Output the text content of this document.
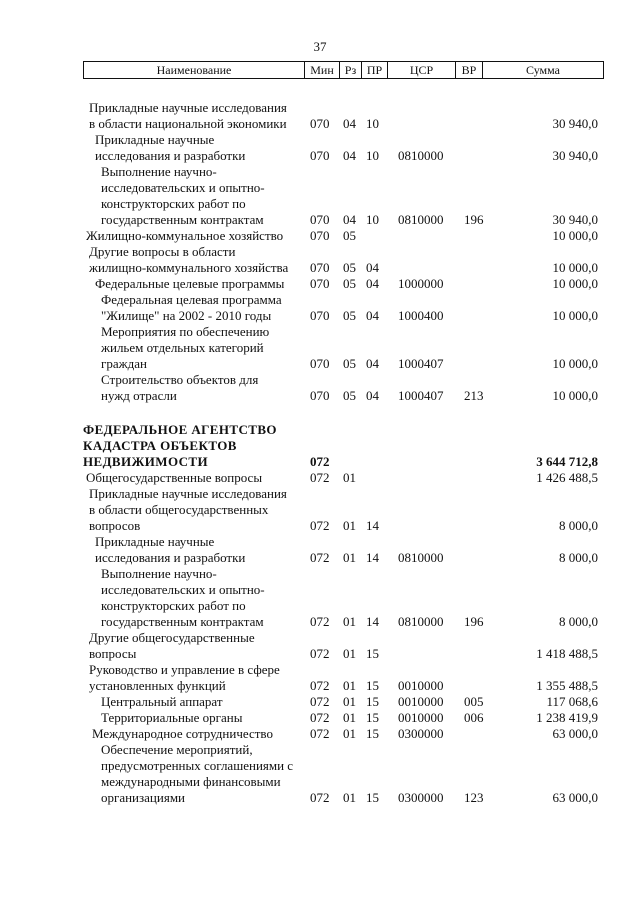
37
Наименование	Мин Рз ПР	ЦСР	ВР	Сумма
Прикладные научные исследования
в области национальной экономики	070 04 10	30 940,0
Прикладные научные
исследования и разработки	070 04 10 0810000	30 940,0
Выполнение научно-
исследовательских и опытно-
конструкторских работ по
государственным контрактам	070 04 10 0810000 196	30 940,0
Жилищно-коммунальное хозяйство	070 05	10 000,0
Другие вопросы в области
жилищно-коммунального хозяйства	070 05 04	10 000,0
Федеральные целевые программы	070 05 04 1000000	10 000,0
Федеральная целевая программа
"Жилище" на 2002 - 2010 годы	070 05 04 1000400	10 000,0
Мероприятия по обеспечению
жильем отдельных категорий
граждан	070 05 04 1000407	10 000,0
Строительство объектов для
нужд отрасли	070 05 04 1000407 213	10 000,0
ФЕДЕРАЛЬНОЕ АГЕНТСТВО
КАДАСТРА ОБЪЕКТОВ
НЕДВИЖИМОСТИ	072	3 644 712,8
Общегосударственные вопросы	072 01	1 426 488,5
Прикладные научные исследования
в области общегосударственных
вопросов	072 01 14	8 000,0
Прикладные научные
исследования и разработки	072 01 14 0810000	8 000,0
Выполнение научно-
исследовательских и опытно-
конструкторских работ по
государственным контрактам	072 01 14 0810000 196	8 000,0
Другие общегосударственные
вопросы	072 01 15	1 418 488,5
Руководство и управление в сфере
установленных функций	072 01 15 0010000	1 355 488,5
Центральный аппарат	072 01 15 0010000 005	117 068,6
Территориальные органы	072 01 15 0010000 006	1 238 419,9
Международное сотрудничество	072 01 15 0300000	63 000,0
Обеспечение мероприятий,
предусмотренных соглашениями с
международными финансовыми
организациями	072 01 15 0300000 123	63 000,0
